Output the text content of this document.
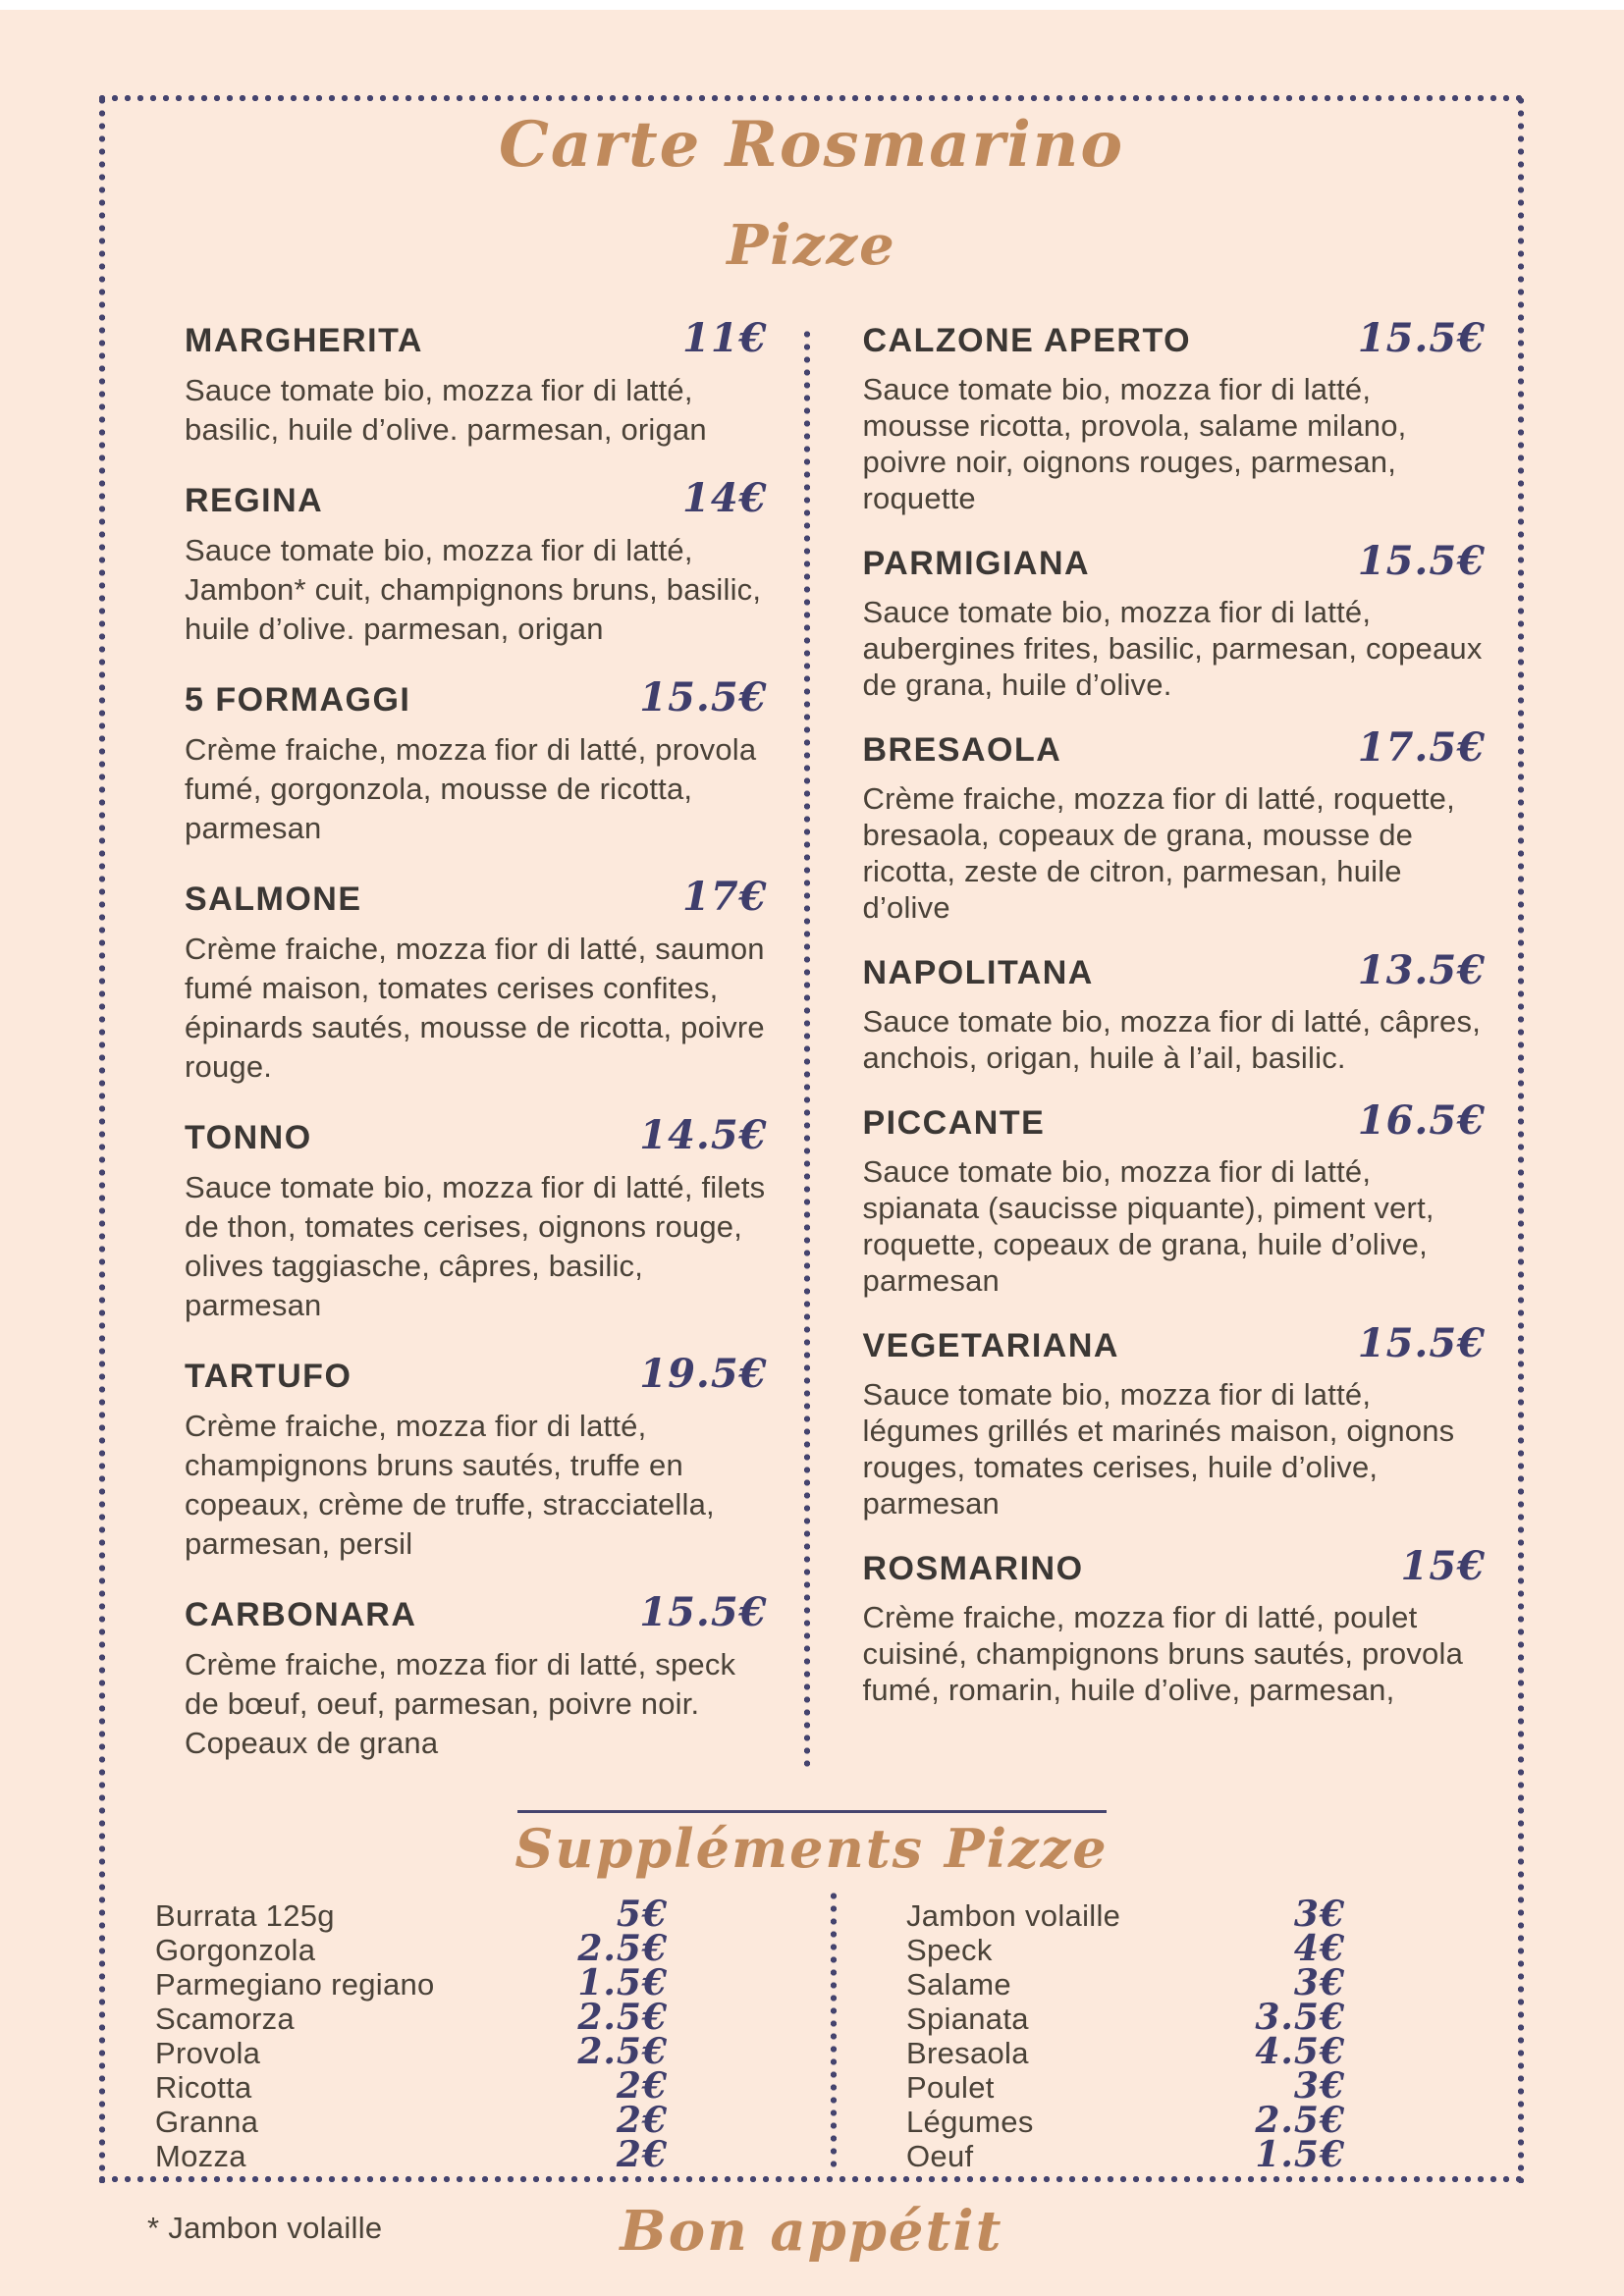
Carte Rosmarino
Pizze
MARGHERITA	11€
Sauce tomate bio, mozza fior di latté, basilic, huile d’olive. parmesan, origan
REGINA	14€
Sauce tomate bio, mozza fior di latté, Jambon* cuit, champignons bruns, basilic, huile d’olive. parmesan, origan
5 FORMAGGI	15.5€
Crème fraiche, mozza fior di latté, provola fumé, gorgonzola, mousse de ricotta, parmesan
SALMONE	17€
Crème fraiche, mozza fior di latté, saumon fumé maison, tomates cerises confites, épinards sautés, mousse de ricotta, poivre rouge.
TONNO	14.5€
Sauce tomate bio, mozza fior di latté, filets de thon, tomates cerises, oignons rouge, olives taggiasche, câpres, basilic, parmesan
TARTUFO	19.5€
Crème fraiche, mozza fior di latté, champignons bruns sautés, truffe en copeaux, crème de truffe, stracciatella, parmesan, persil
CARBONARA	15.5€
Crème fraiche, mozza fior di latté, speck de bœuf, oeuf, parmesan, poivre noir. Copeaux de grana
CALZONE APERTO	15.5€
Sauce tomate bio, mozza fior di latté, mousse ricotta, provola, salame milano, poivre noir, oignons rouges, parmesan, roquette
PARMIGIANA	15.5€
Sauce tomate bio, mozza fior di latté, aubergines frites, basilic, parmesan, copeaux de grana, huile d’olive.
BRESAOLA	17.5€
Crème fraiche, mozza fior di latté, roquette, bresaola, copeaux de grana, mousse de ricotta, zeste de citron, parmesan, huile d’olive
NAPOLITANA	13.5€
Sauce tomate bio, mozza fior di latté, câpres, anchois, origan, huile à l’ail, basilic.
PICCANTE	16.5€
Sauce tomate bio, mozza fior di latté, spianata (saucisse piquante), piment vert, roquette, copeaux de grana, huile d’olive, parmesan
VEGETARIANA	15.5€
Sauce tomate bio, mozza fior di latté, légumes grillés et marinés maison, oignons rouges, tomates cerises, huile d’olive, parmesan
ROSMARINO	15€
Crème fraiche, mozza fior di latté, poulet cuisiné, champignons bruns sautés, provola fumé, romarin, huile d’olive, parmesan,
Suppléments Pizze
Burrata 125g	5€
Gorgonzola	2.5€
Parmegiano regiano	1.5€
Scamorza	2.5€
Provola	2.5€
Ricotta	2€
Granna	2€
Mozza	2€
Jambon volaille	3€
Speck	4€
Salame	3€
Spianata	3.5€
Bresaola	4.5€
Poulet	3€
Légumes	2.5€
Oeuf	1.5€
* Jambon volaille	Bon appétit
